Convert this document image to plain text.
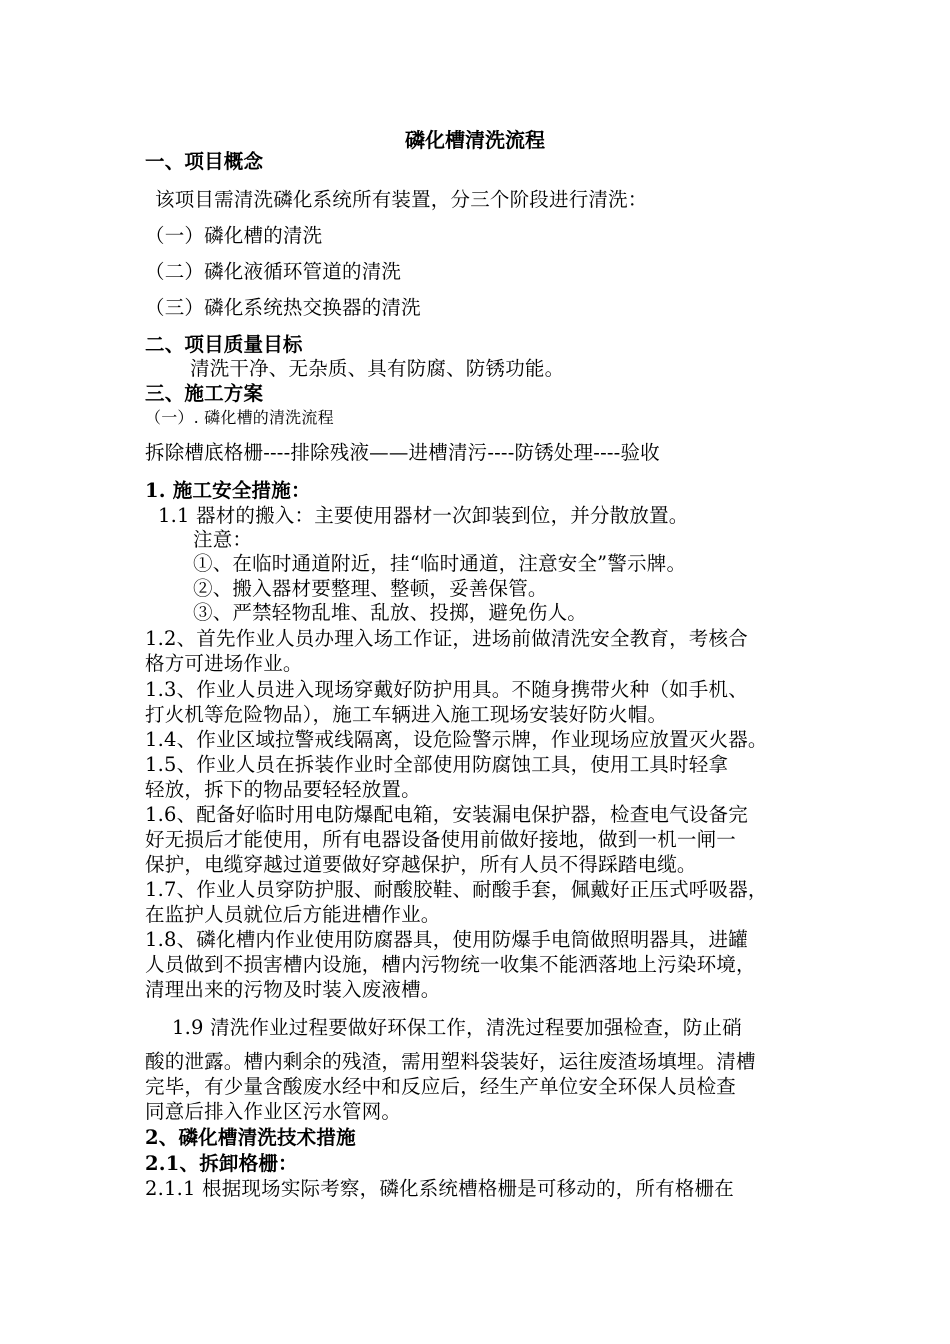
磷化槽清洗流程
一、项目概念
该项目需清洗磷化系统所有装置，分三个阶段进行清洗：
（一）磷化槽的清洗
（二）磷化液循环管道的清洗
（三）磷化系统热交换器的清洗
二、项目质量目标
清洗干净、无杂质、具有防腐、防锈功能。
三、施工方案
（一）. 磷化槽的清洗流程
拆除槽底格栅----排除残液——进槽清污----防锈处理----验收
1. 施工安全措施：
1.1 器材的搬入：主要使用器材一次卸装到位，并分散放置。
注意：
①、在临时通道附近，挂“临时通道，注意安全”警示牌。
②、搬入器材要整理、整顿，妥善保管。
③、严禁轻物乱堆、乱放、投掷，避免伤人。
1.2、首先作业人员办理入场工作证，进场前做清洗安全教育，考核合
格方可进场作业。
1.3、作业人员进入现场穿戴好防护用具。不随身携带火种（如手机、
打火机等危险物品），施工车辆进入施工现场安装好防火帽。
1.4、作业区域拉警戒线隔离，设危险警示牌，作业现场应放置灭火器。
1.5、作业人员在拆装作业时全部使用防腐蚀工具，使用工具时轻拿
轻放，拆下的物品要轻轻放置。
1.6、配备好临时用电防爆配电箱，安装漏电保护器，检查电气设备完
好无损后才能使用，所有电器设备使用前做好接地，做到一机一闸一
保护，电缆穿越过道要做好穿越保护，所有人员不得踩踏电缆。
1.7、作业人员穿防护服、耐酸胶鞋、耐酸手套，佩戴好正压式呼吸器，
在监护人员就位后方能进槽作业。
1.8、磷化槽内作业使用防腐器具，使用防爆手电筒做照明器具，进罐
人员做到不损害槽内设施，槽内污物统一收集不能洒落地上污染环境，
清理出来的污物及时装入废液槽。
1.9 清洗作业过程要做好环保工作，清洗过程要加强检查，防止硝
酸的泄露。槽内剩余的残渣，需用塑料袋装好，运往废渣场填埋。清槽
完毕，有少量含酸废水经中和反应后，经生产单位安全环保人员检查
同意后排入作业区污水管网。
2、磷化槽清洗技术措施
2.1、拆卸格栅：
2.1.1 根据现场实际考察，磷化系统槽格栅是可移动的，所有格栅在
